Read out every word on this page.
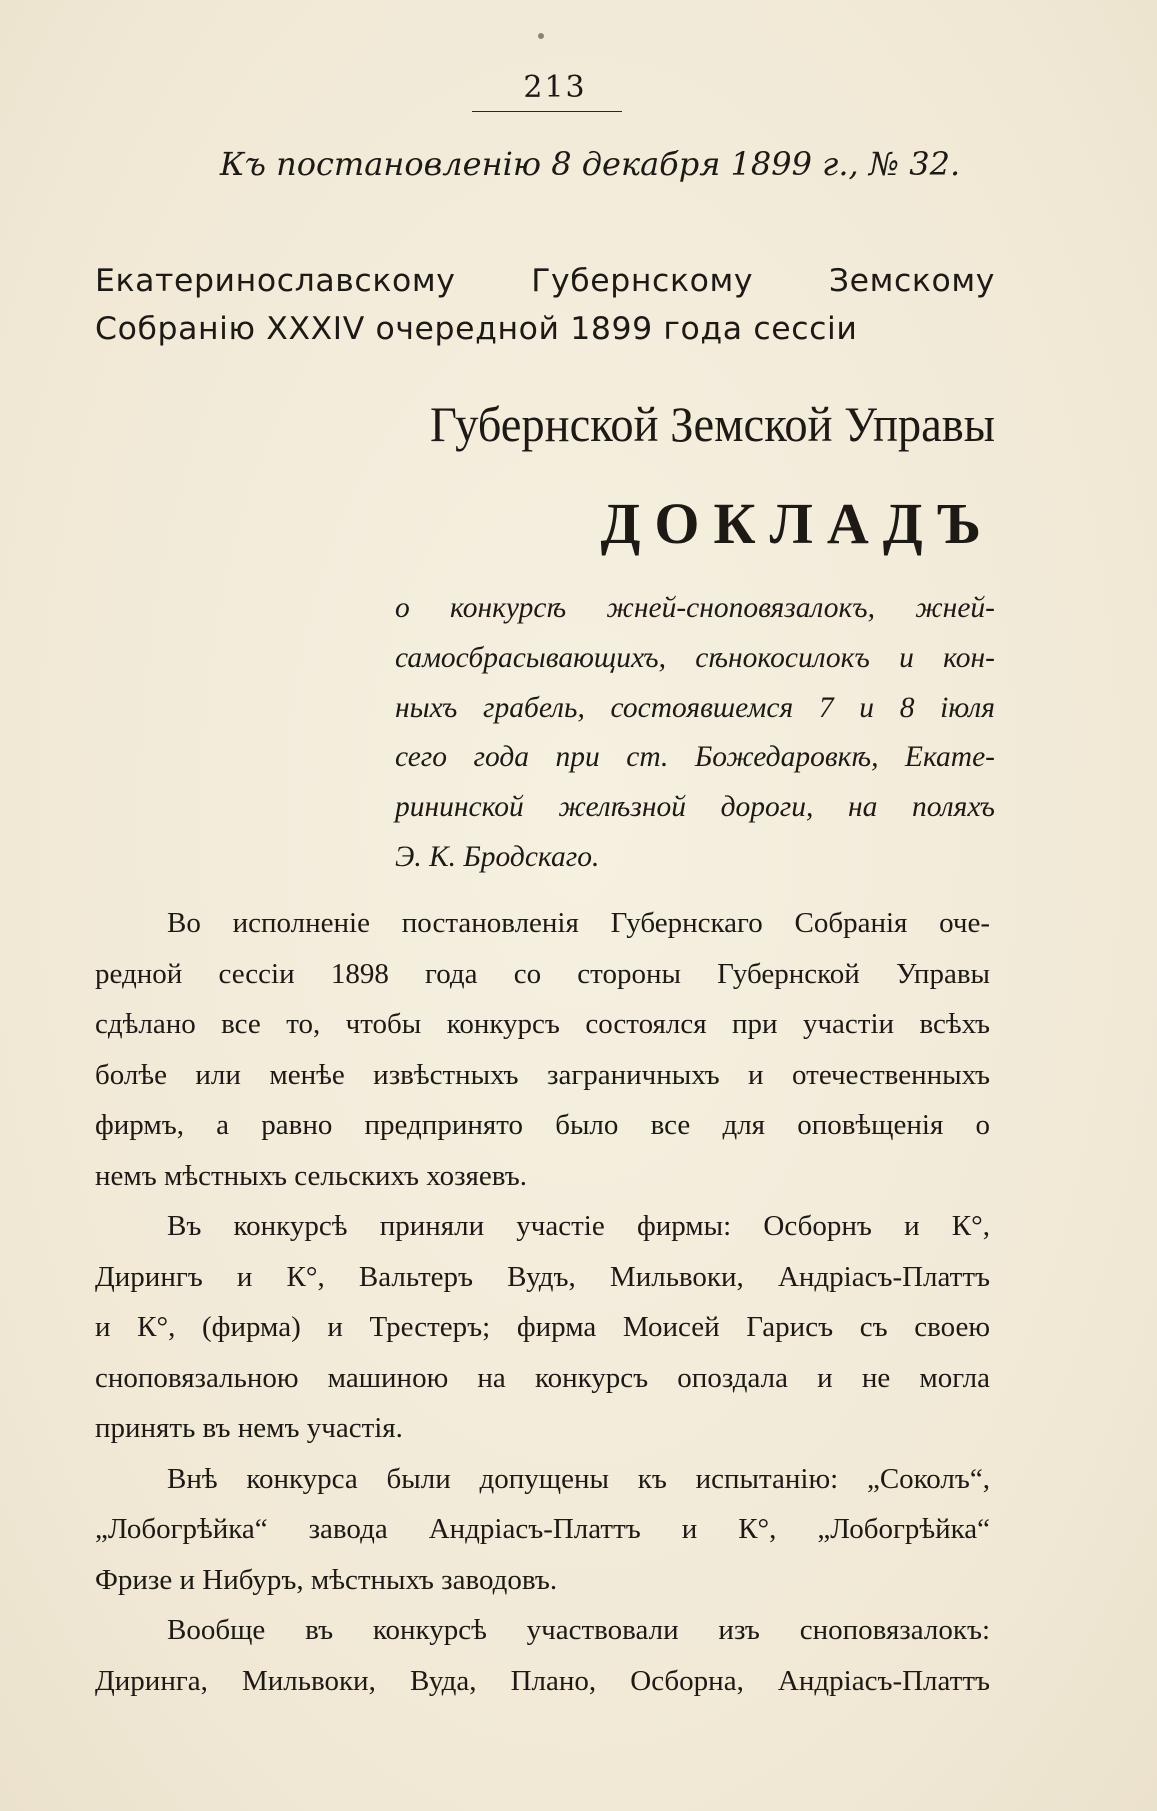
213
Къ постановленію 8 декабря 1899 г., № 32.
Екатеринославскому Губернскому Земскому
Собранію XXXIV очередной 1899 года сессіи
Губернской Земской Управы
ДОКЛАДЪ
о конкурсѣ жней-сноповязалокъ, жней-
самосбрасывающихъ, сѣнокосилокъ и кон-
ныхъ грабель, состоявшемся 7 и 8 іюля
сего года при ст. Божедаровкѣ, Екате-
рининской желѣзной дороги, на поляхъ
Э. К. Бродскаго.
Во исполненіе постановленія Губернскаго Собранія оче-
редной сессіи 1898 года со стороны Губернской Управы
сдѣлано все то, чтобы конкурсъ состоялся при участіи всѣхъ
болѣе или менѣе извѣстныхъ заграничныхъ и отечественныхъ
фирмъ, а равно предпринято было все для оповѣщенія о
немъ мѣстныхъ сельскихъ хозяевъ.
Въ конкурсѣ приняли участіе фирмы: Осборнъ и К°,
Дирингъ и К°, Вальтеръ Вудъ, Мильвоки, Андріасъ-Платтъ
и К°, (фирма) и Трестеръ; фирма Моисей Гарисъ съ своею
сноповязальною машиною на конкурсъ опоздала и не могла
принять въ немъ участія.
Внѣ конкурса были допущены къ испытанію: „Соколъ“,
„Лобогрѣйка“ завода Андріасъ-Платтъ и К°, „Лобогрѣйка“
Фризе и Нибуръ, мѣстныхъ заводовъ.
Вообще въ конкурсѣ участвовали изъ сноповязалокъ:
Диринга, Мильвоки, Вуда, Плано, Осборна, Андріасъ-Платтъ
